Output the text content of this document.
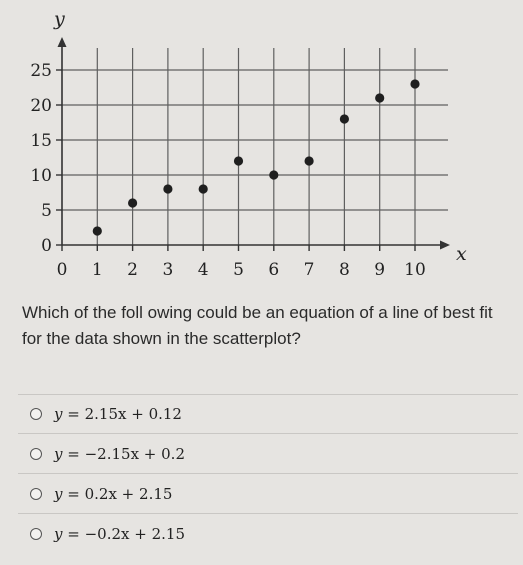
0
5
10
15
20
25
0 1 2 3 4 5 6 7 8 9 10
x
y
Which of the foll owing could be an equation of a line of best fit for the data shown in the scatterplot?
y = 2.15x + 0.12
y = −2.15x + 0.2
y = 0.2x + 2.15
y = −0.2x + 2.15
